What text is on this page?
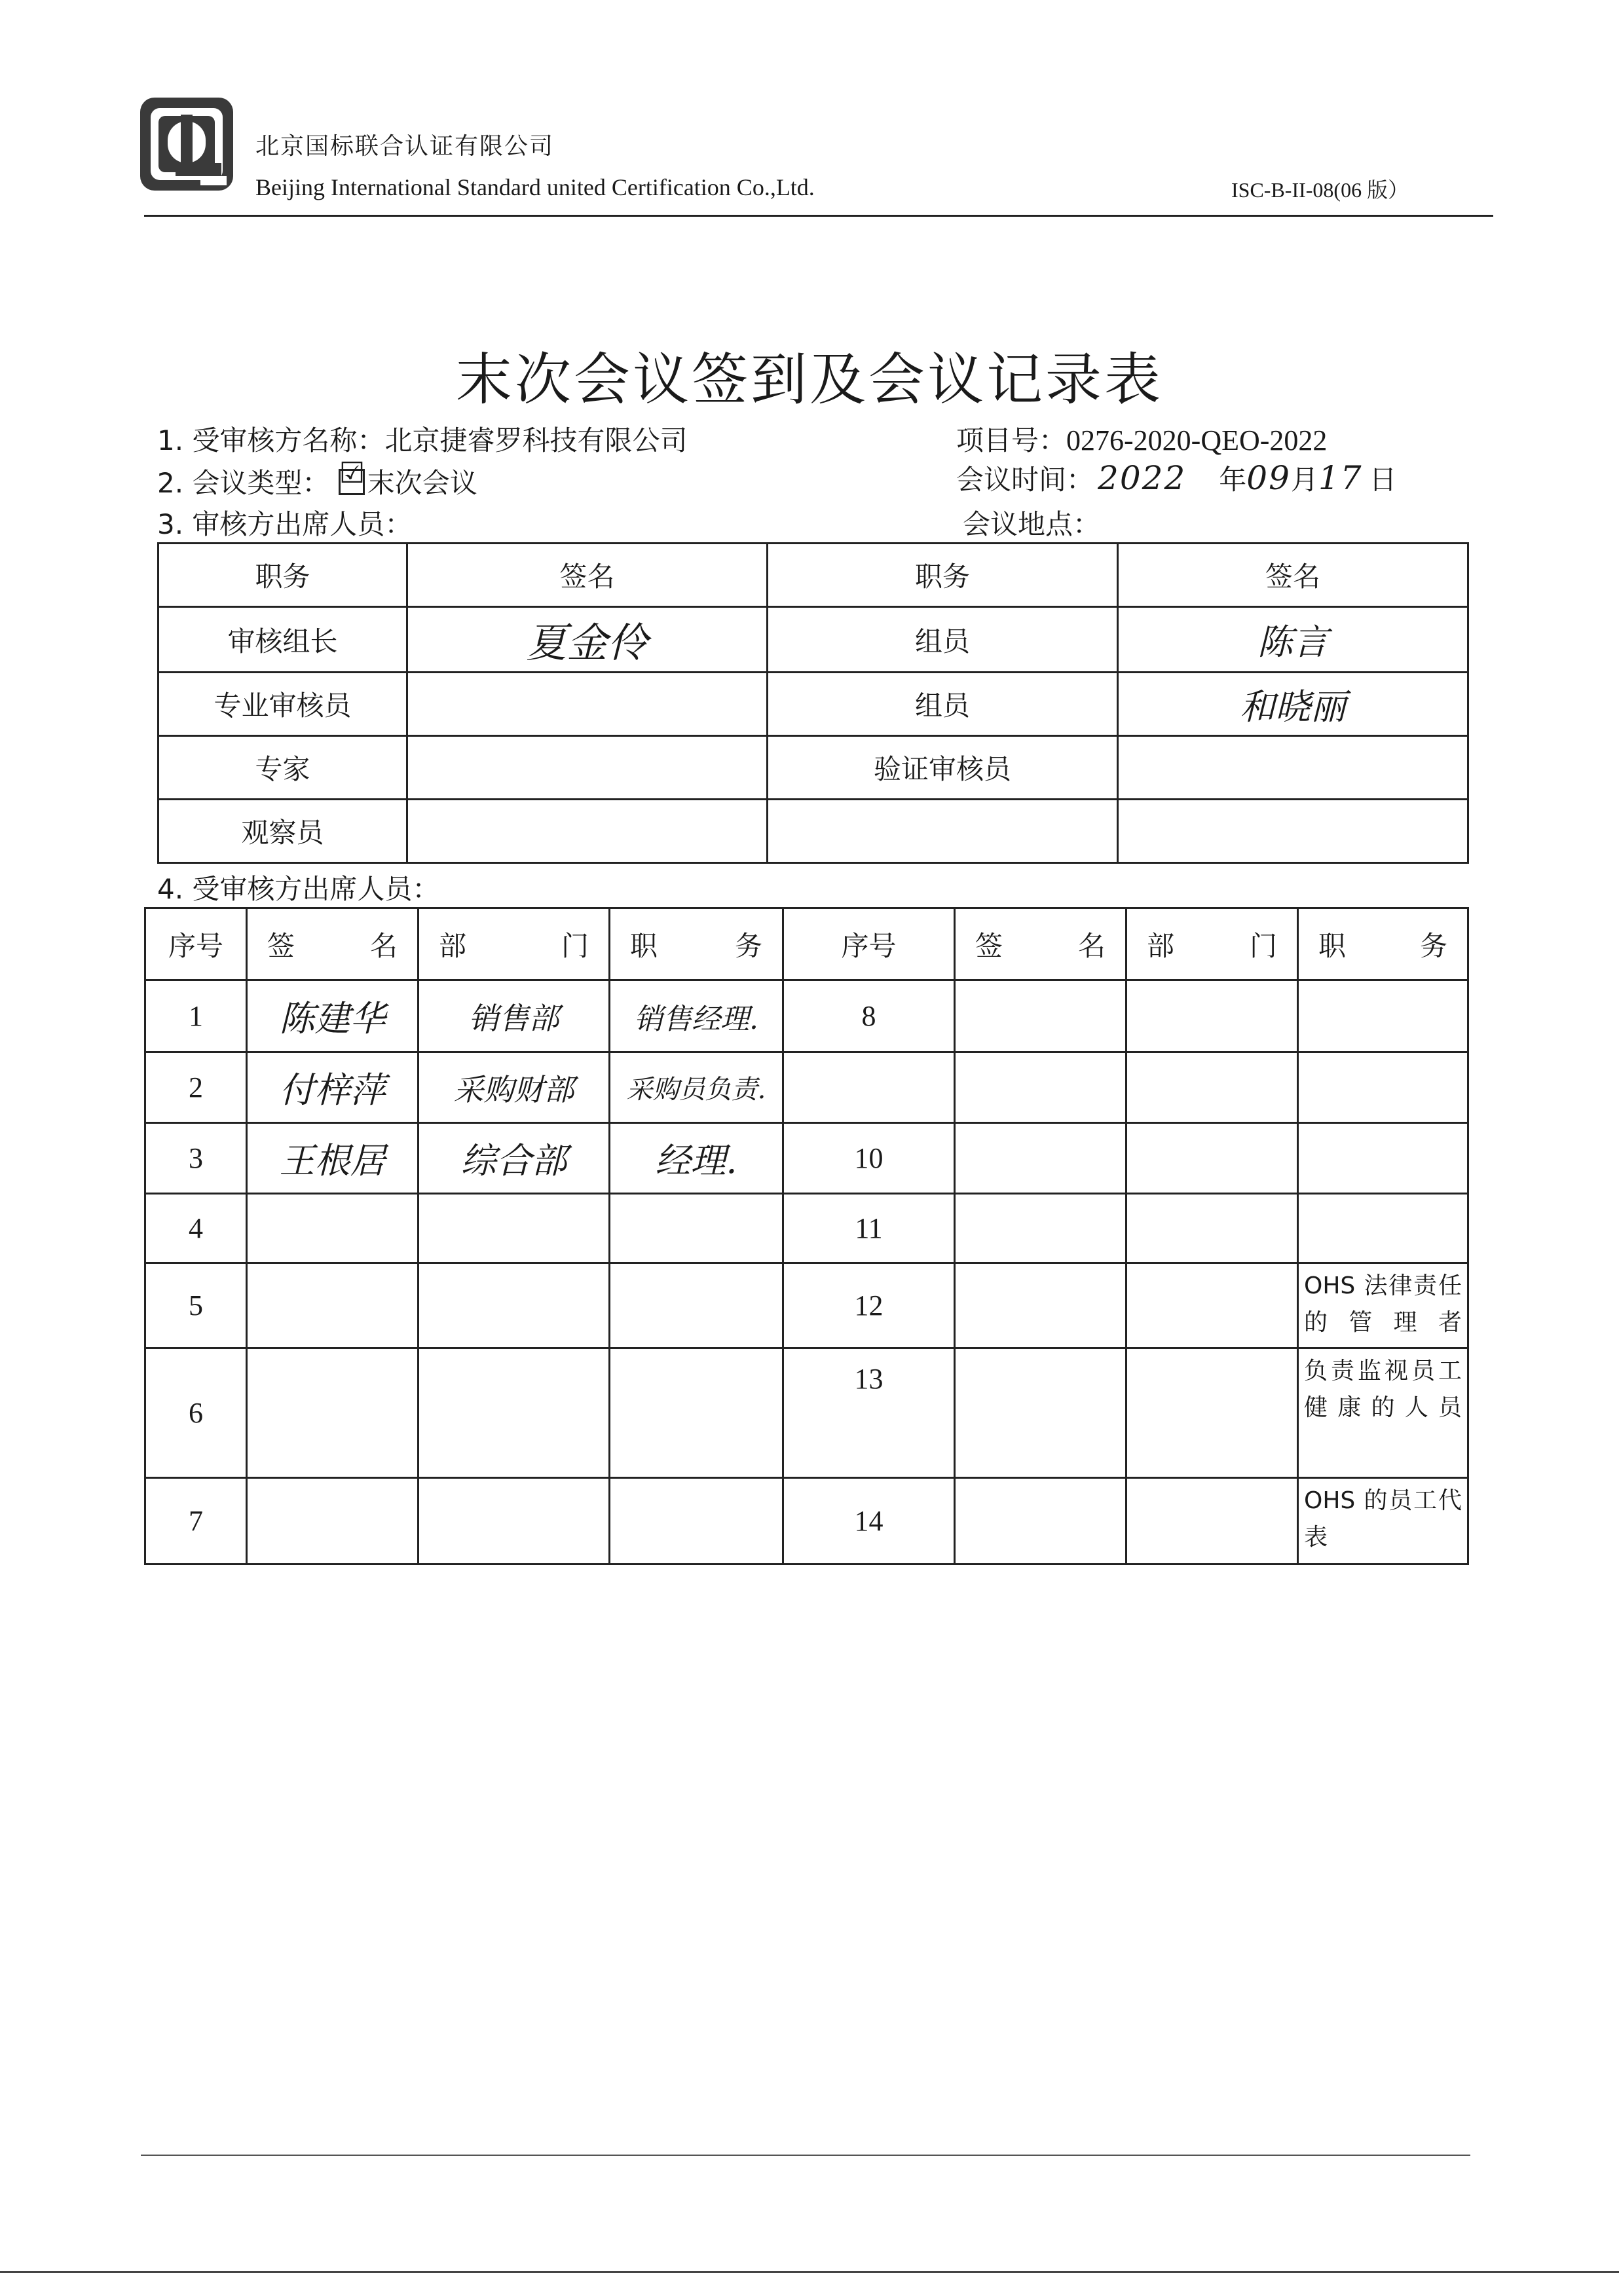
北京国标联合认证有限公司
Beijing International Standard united Certification Co.,Ltd.	ISC-B-II-08(06 版）
末次会议签到及会议记录表
1. 受审核方名称：北京捷睿罗科技有限公司	项目号：0276-2020-QEO-2022
2. 会议类型： ☑ 末次会议	会议时间： 2022 年09月17 日
3. 审核方出席人员：	会议地点：
职务	签名	职务	签名
审核组长	夏金伶	组员	陈言
专业审核员		组员	和晓丽
专家		验证审核员	
观察员			
4. 受审核方出席人员：
序号	签　　名	部　　门	职　　务	序号	签　　名	部　　门	职　　务
1	陈建华	销售部	销售经理.	8			
2	付梓萍	采购财部	采购员负责.				
3	王根居	综合部	经理.	10			
4				11			
5				12			OHS 法律责任的管理者
6				13			负责监视员工健康的人员
7				14			OHS 的员工代表
